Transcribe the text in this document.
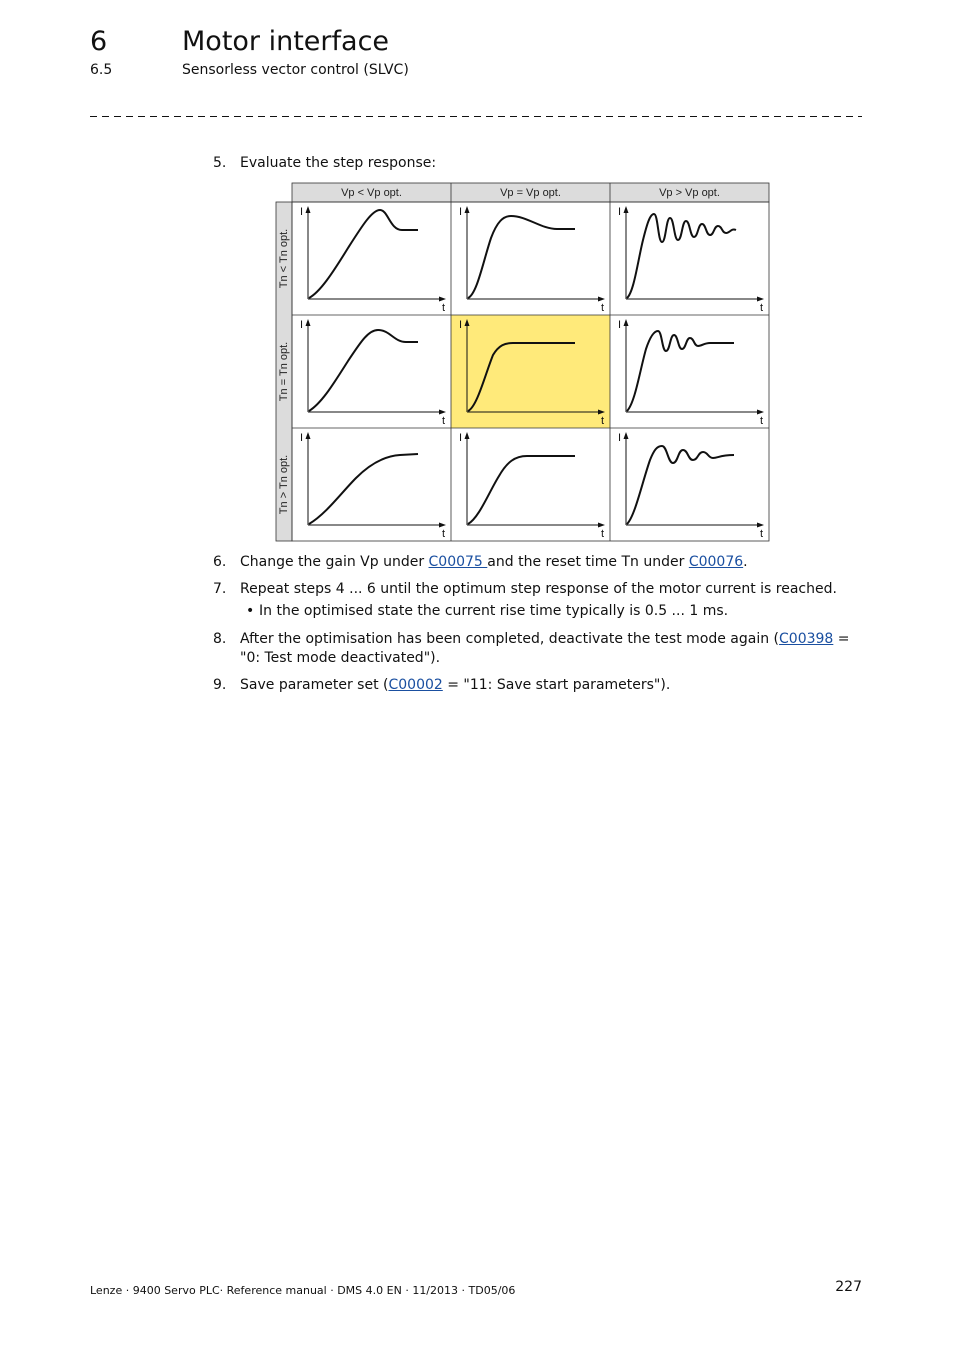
6	Motor interface
6.5	Sensorless vector control (SLVC)
5. Evaluate the step response:
Vp < Vp opt.	Vp = Vp opt.	Vp > Vp opt.
Tn < Tn opt.
Tn = Tn opt.
Tn > Tn opt.
I
t
I
t
I
t
I
t
I
t
I
t
I
t
I
t
I
t
6. Change the gain Vp under C00075 and the reset time Tn under C00076.
7. Repeat steps 4 ... 6 until the optimum step response of the motor current is reached.
• In the optimised state the current rise time typically is 0.5 ... 1 ms.
8. After the optimisation has been completed, deactivate the test mode again (C00398 = "0: Test mode deactivated").
9. Save parameter set (C00002 = "11: Save start parameters").
Lenze · 9400 Servo PLC· Reference manual · DMS 4.0 EN · 11/2013 · TD05/06	227
